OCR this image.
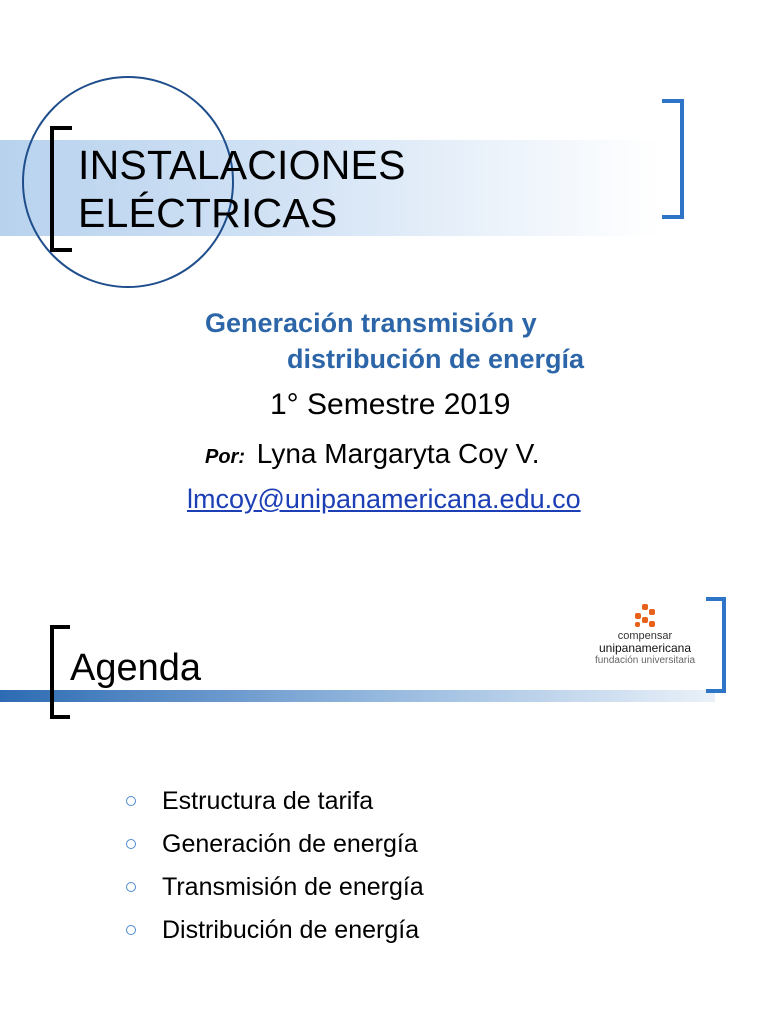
INSTALACIONES
ELÉCTRICAS
Generación transmisión y
distribución de energía
1° Semestre 2019
Por: Lyna Margaryta Coy V.
lmcoy@unipanamericana.edu.co
Agenda
compensar
unipanamericana
fundación universitaria
Estructura de tarifa
Generación de energía
Transmisión de energía
Distribución de energía
